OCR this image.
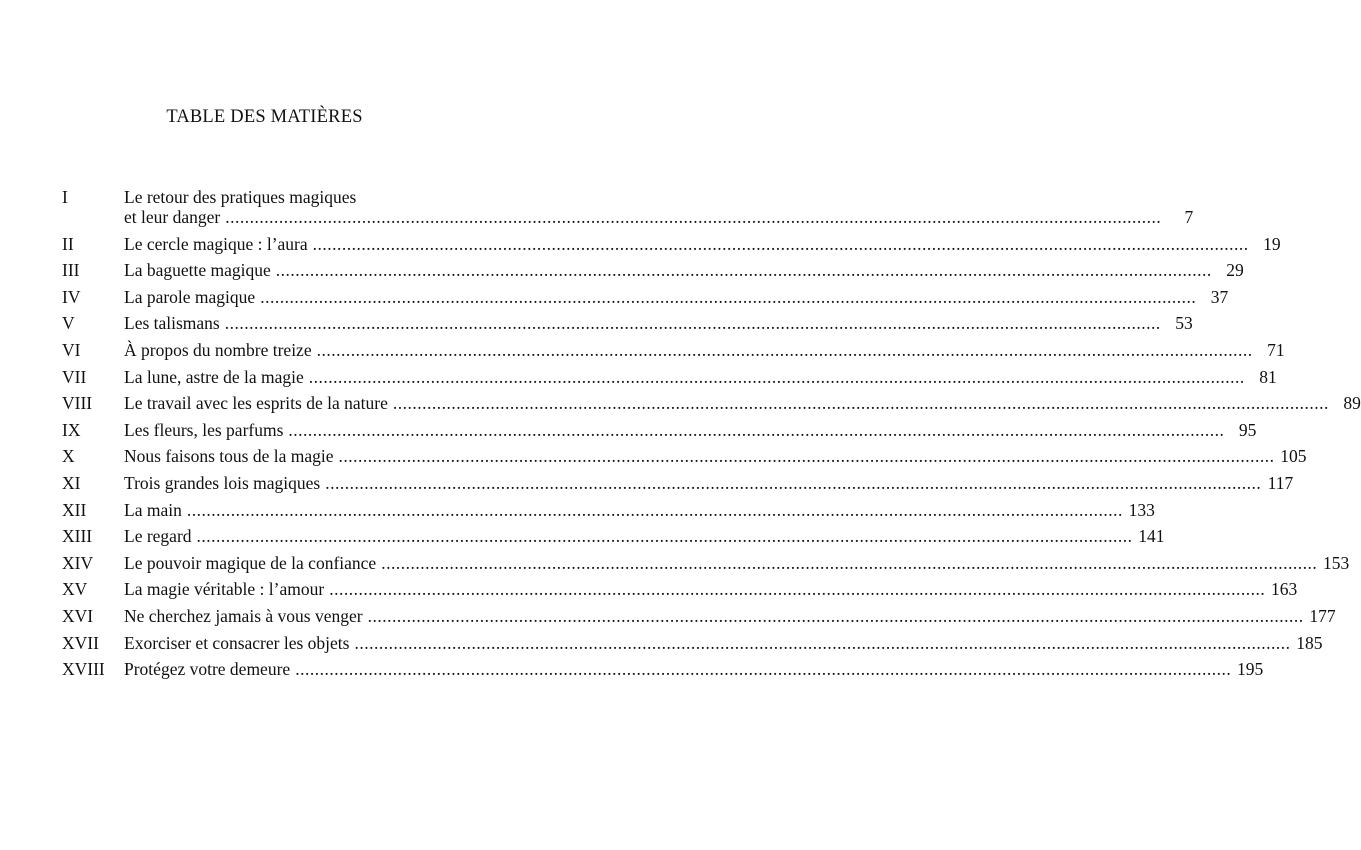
TABLE DES MATIÈRES
I	Le retour des pratiques magiques
et leur danger .....	7
II	Le cercle magique : l’aura .....	19
III	La baguette magique .....	29
IV	La parole magique .....	37
V	Les talismans .....	53
VI	À propos du nombre treize .....	71
VII	La lune, astre de la magie .....	81
VIII	Le travail avec les esprits de la nature .....	89
IX	Les fleurs, les parfums .....	95
X	Nous faisons tous de la magie .....	105
XI	Trois grandes lois magiques .....	117
XII	La main .....	133
XIII	Le regard .....	141
XIV	Le pouvoir magique de la confiance .....	153
XV	La magie véritable : l’amour .....	163
XVI	Ne cherchez jamais à vous venger .....	177
XVII	Exorciser et consacrer les objets .....	185
XVIII	Protégez votre demeure .....	195
